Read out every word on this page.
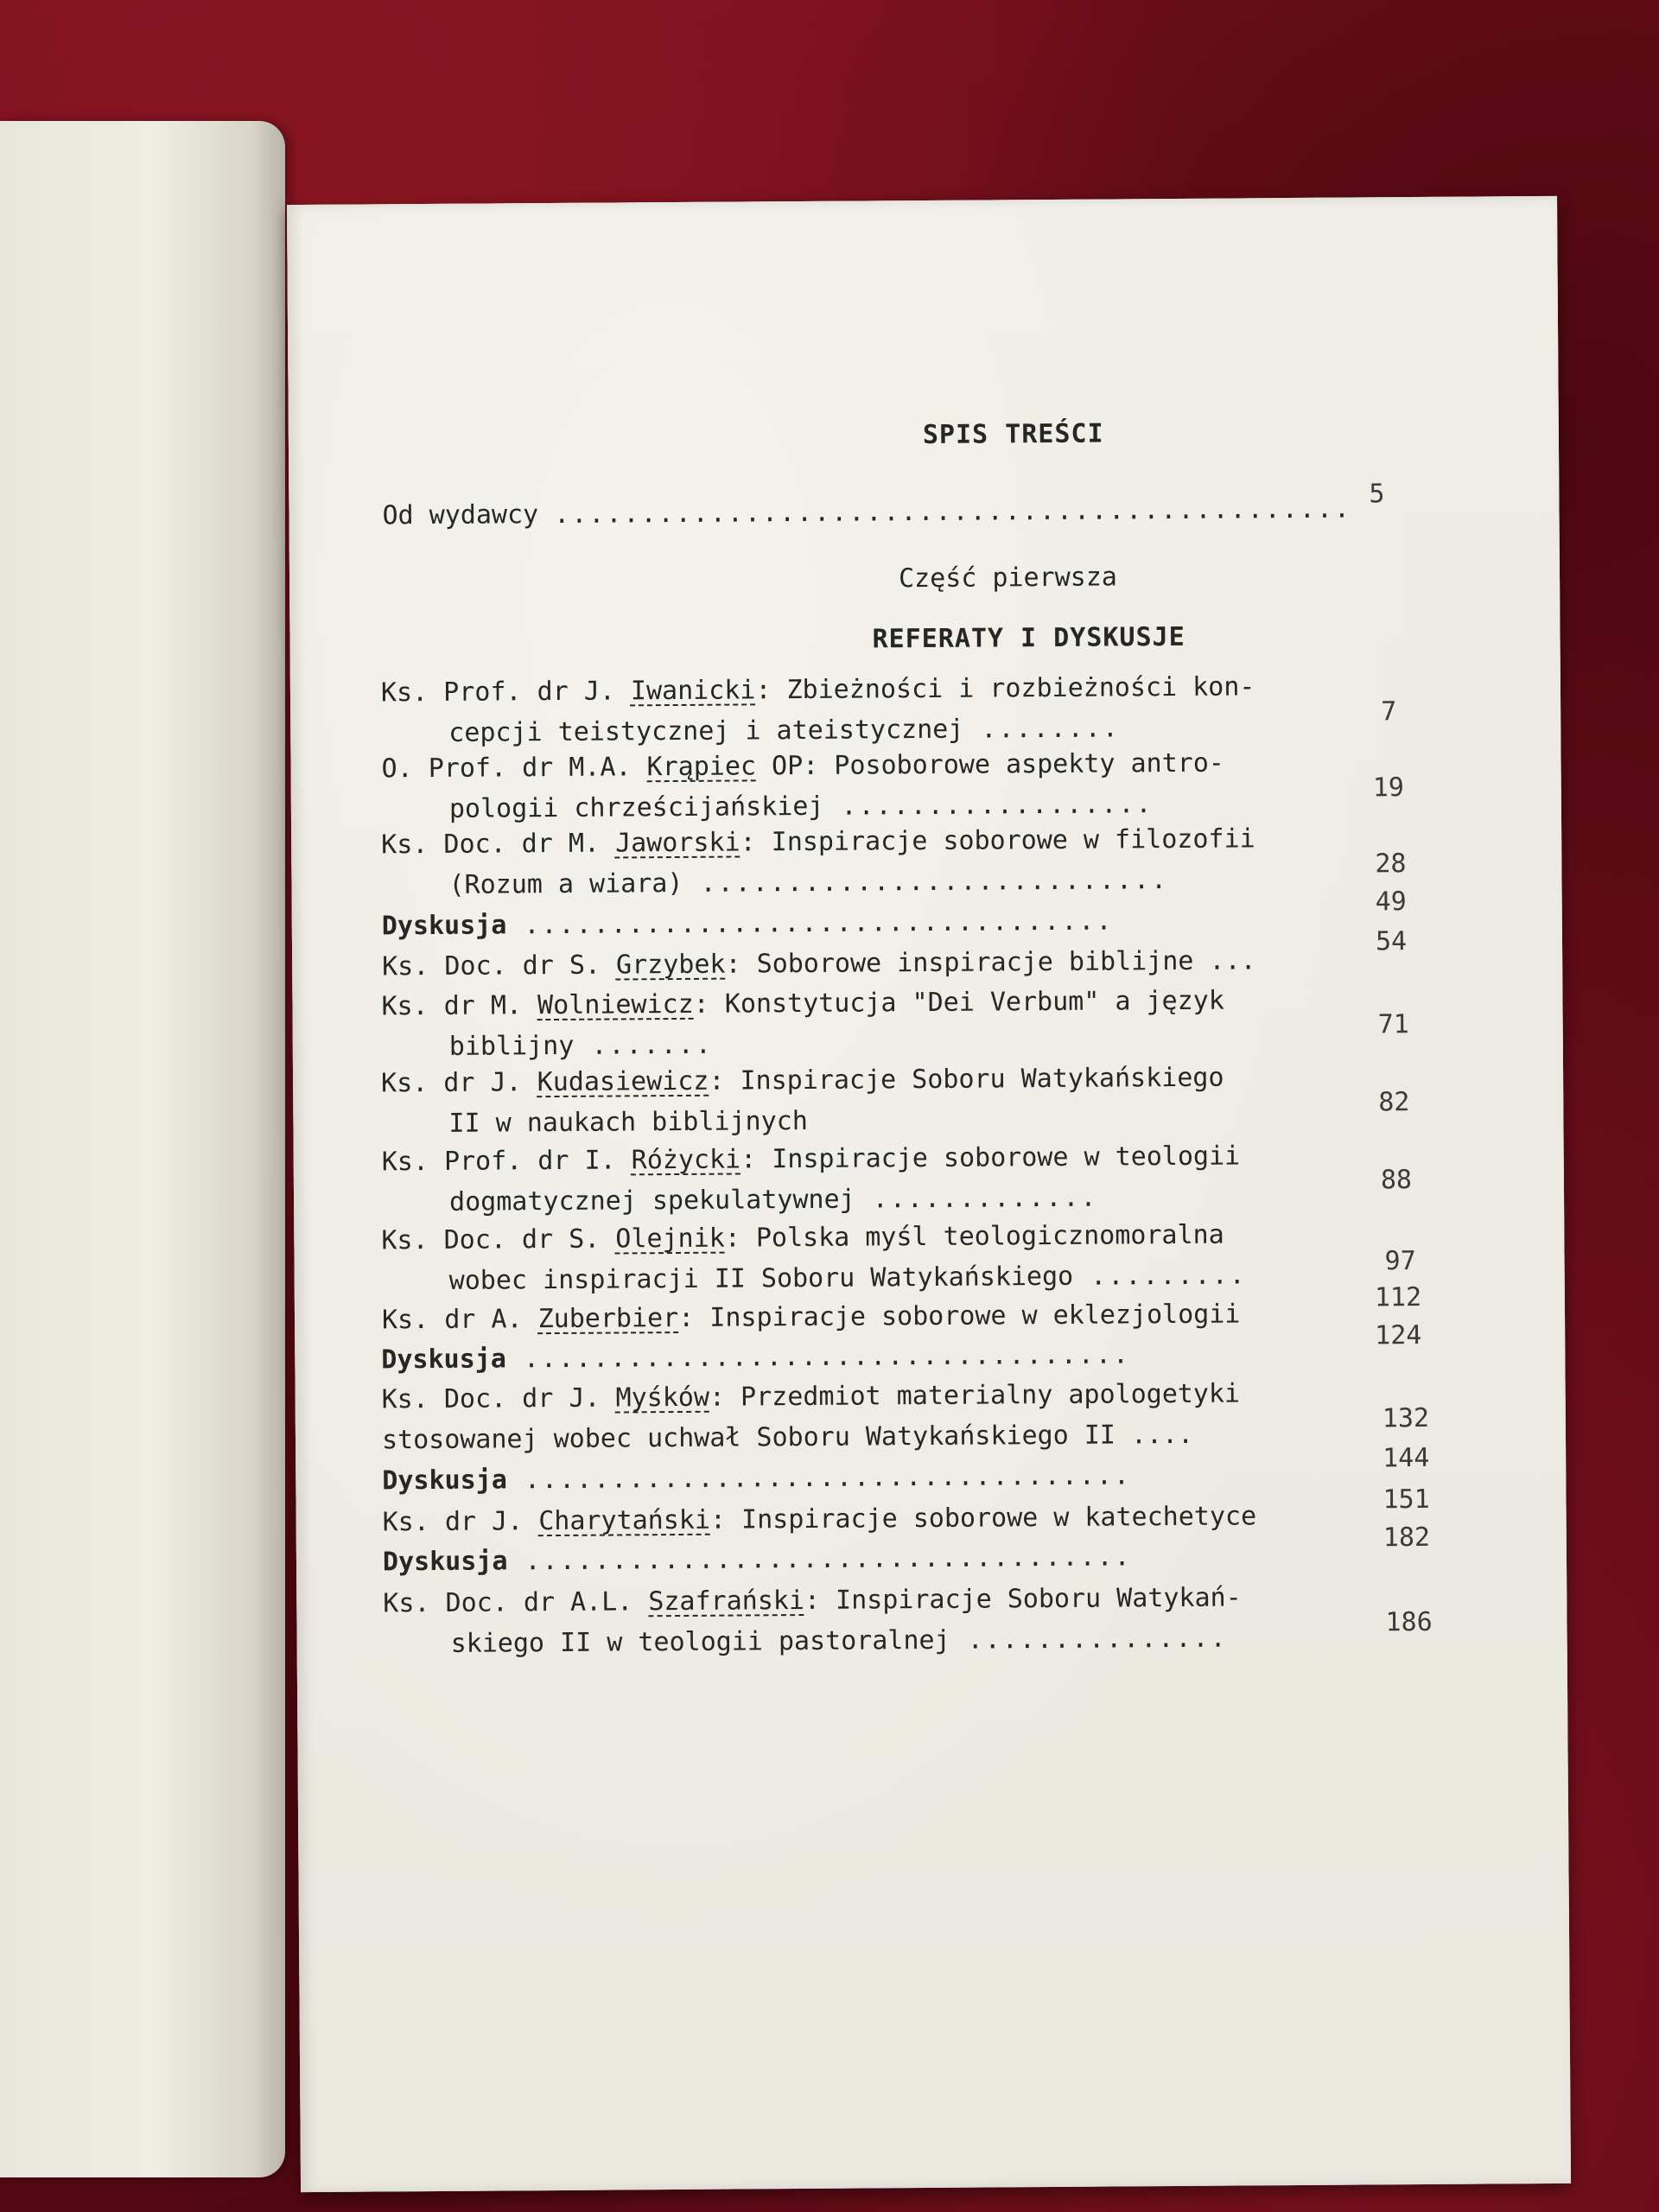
SPIS TREŚCI
Od wydawcy .............................................. 5
Część pierwsza
REFERATY I DYSKUSJE
Ks. Prof. dr J. Iwanicki: Zbieżności i rozbieżności kon-
cepcji teistycznej i ateistycznej ........
7
O. Prof. dr M.A. Krąpiec OP: Posoborowe aspekty antro-
pologii chrześcijańskiej ..................
19
Ks. Doc. dr M. Jaworski: Inspiracje soborowe w filozofii
(Rozum a wiara) ...........................
28
Dyskusja ..................................
49
Ks. Doc. dr S. Grzybek: Soborowe inspiracje biblijne ...
54
Ks. dr M. Wolniewicz: Konstytucja "Dei Verbum" a język
biblijny .......
71
Ks. dr J. Kudasiewicz: Inspiracje Soboru Watykańskiego
II w naukach biblijnych
82
Ks. Prof. dr I. Różycki: Inspiracje soborowe w teologii
dogmatycznej spekulatywnej .............
88
Ks. Doc. dr S. Olejnik: Polska myśl teologicznomoralna
wobec inspiracji II Soboru Watykańskiego .........	97
Ks. dr A. Zuberbier: Inspiracje soborowe w eklezjologii
112
Dyskusja ...................................
124
Ks. Doc. dr J. Myśków: Przedmiot materialny apologetyki
stosowanej wobec uchwał Soboru Watykańskiego II ....
132
Dyskusja ...................................
144
Ks. dr J. Charytański: Inspiracje soborowe w katechetyce
151
Dyskusja ...................................
182
Ks. Doc. dr A.L. Szafrański: Inspiracje Soboru Watykań-
skiego II w teologii pastoralnej ...............
186
